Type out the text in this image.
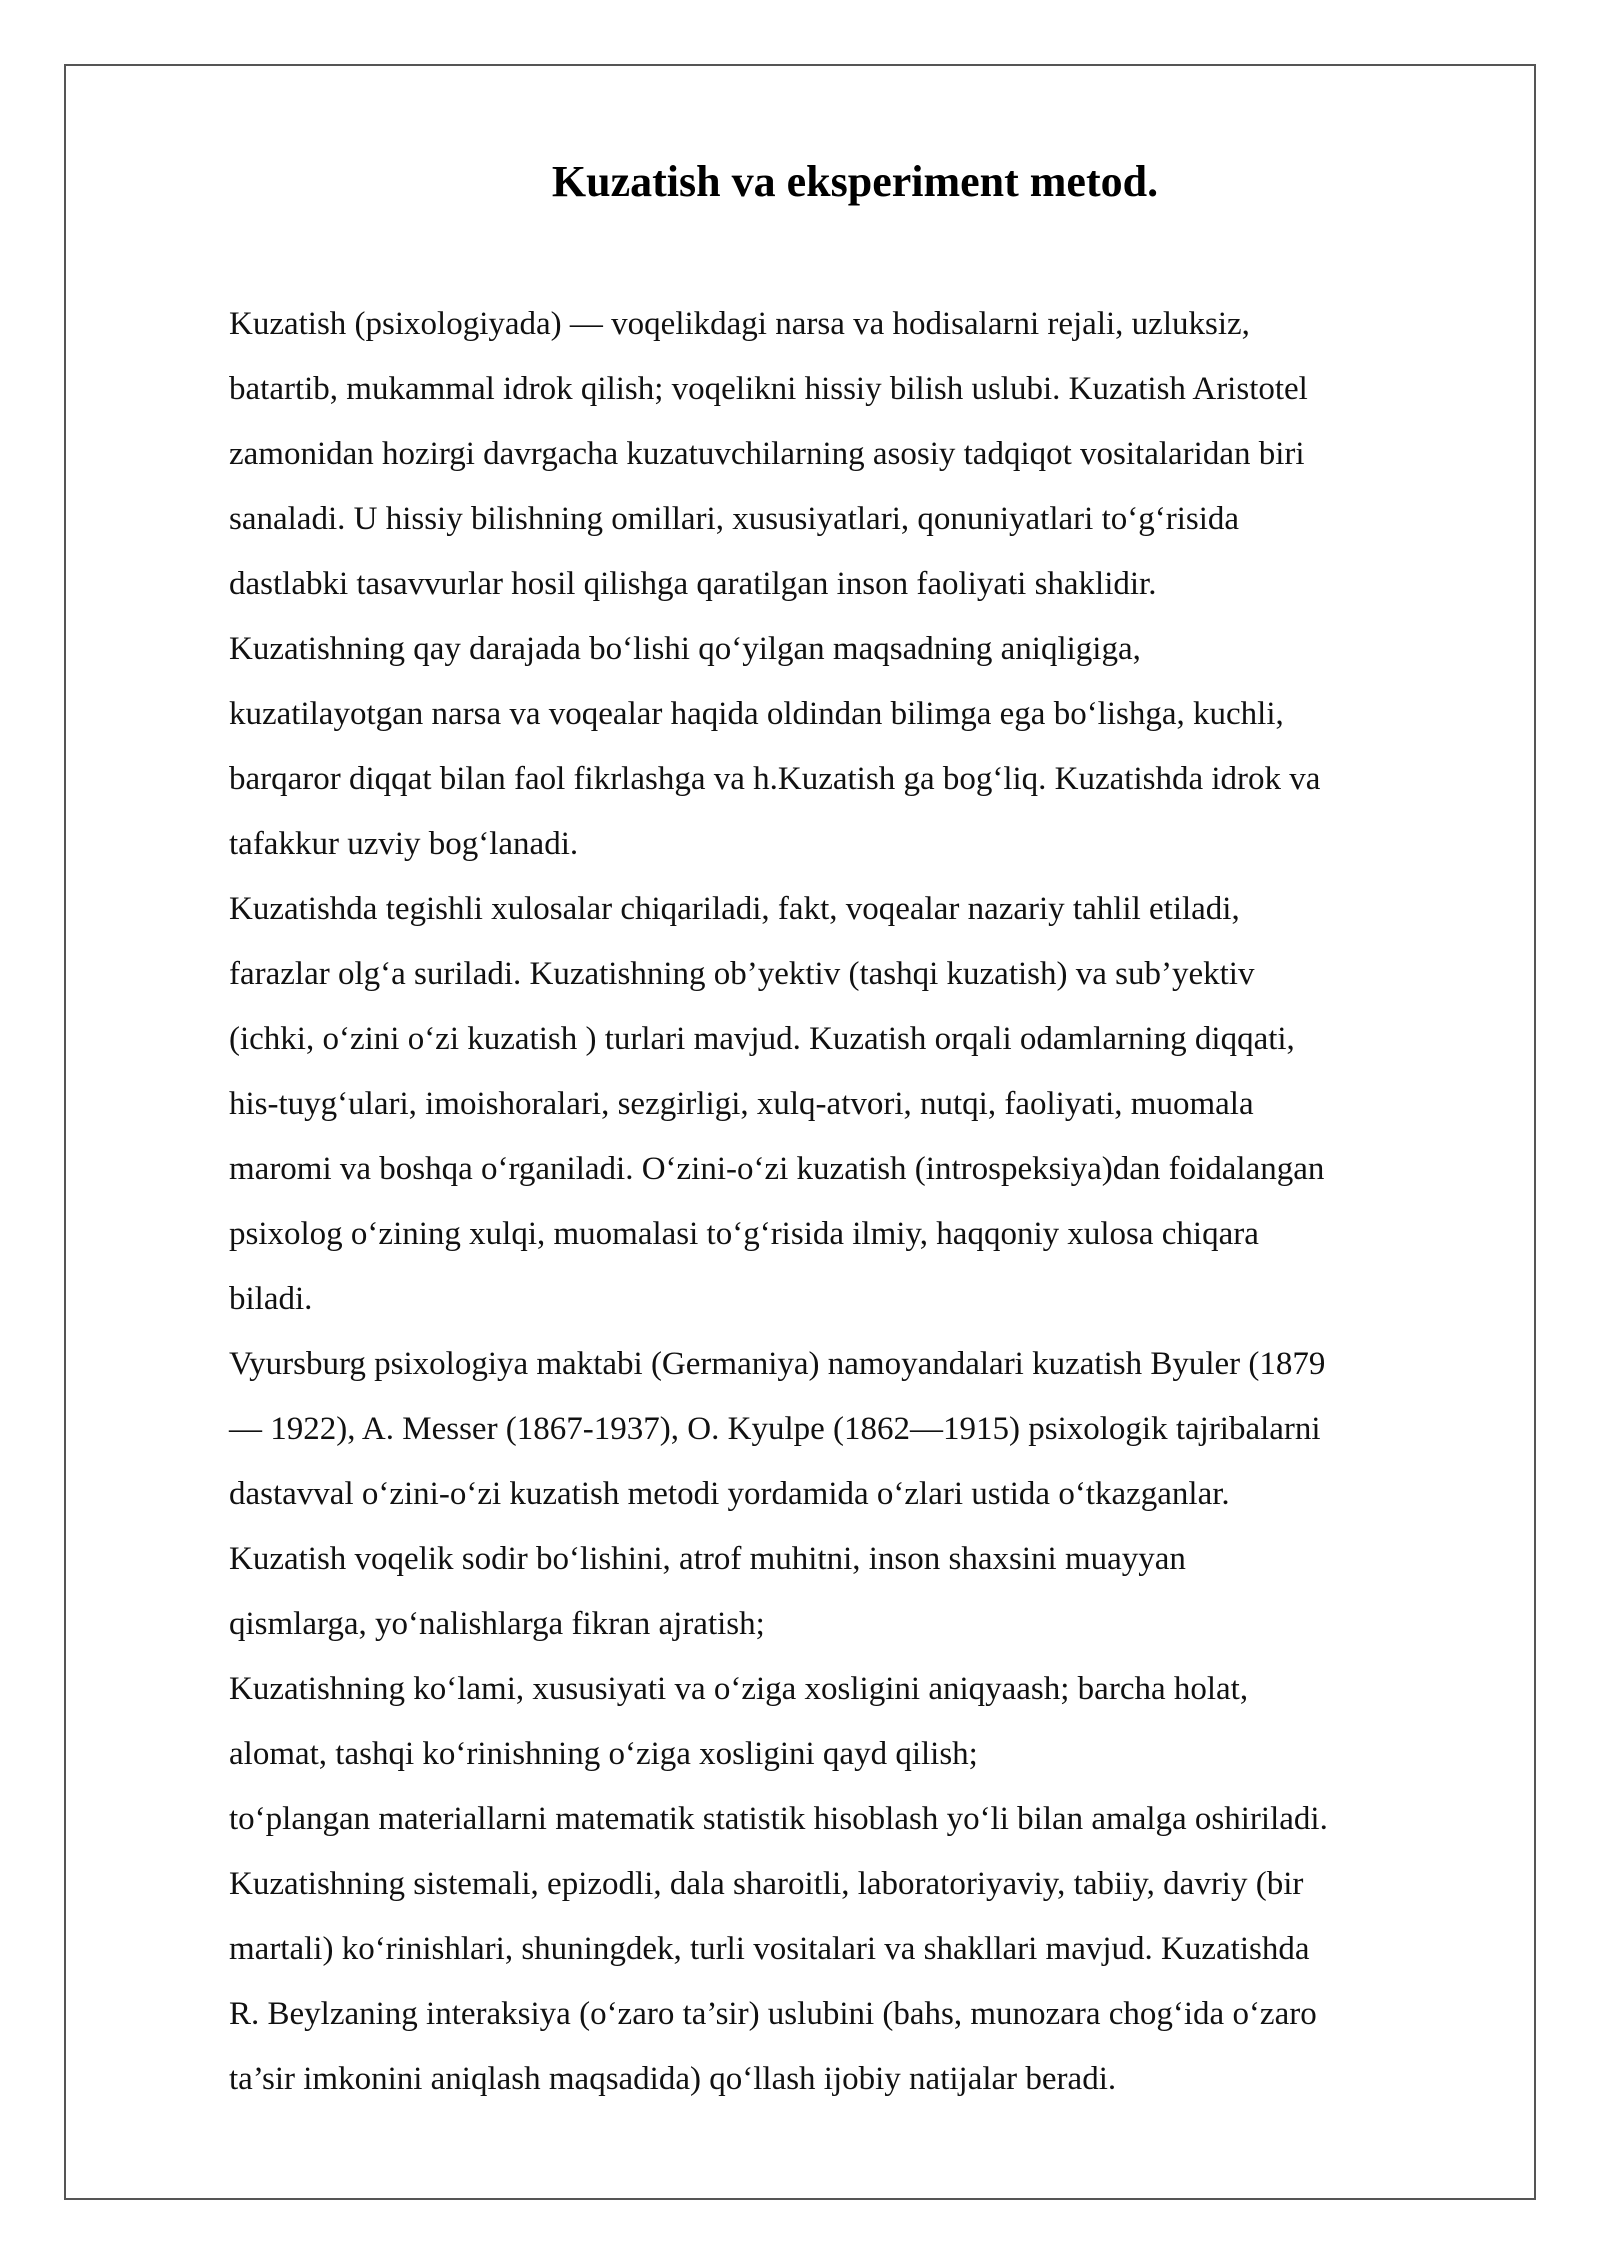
Kuzatish va eksperiment metod.
Kuzatish (psixologiyada) — voqelikdagi narsa va hodisalarni rejali, uzluksiz,
batartib, mukammal idrok qilish; voqelikni hissiy bilish uslubi. Kuzatish Aristotel
zamonidan hozirgi davrgacha kuzatuvchilarning asosiy tadqiqot vositalaridan biri
sanaladi. U hissiy bilishning omillari, xususiyatlari, qonuniyatlari to‘g‘risida
dastlabki tasavvurlar hosil qilishga qaratilgan inson faoliyati shaklidir.
Kuzatishning qay darajada bo‘lishi qo‘yilgan maqsadning aniqligiga,
kuzatilayotgan narsa va voqealar haqida oldindan bilimga ega bo‘lishga, kuchli,
barqaror diqqat bilan faol fikrlashga va h.Kuzatish ga bog‘liq. Kuzatishda idrok va
tafakkur uzviy bog‘lanadi.
Kuzatishda tegishli xulosalar chiqariladi, fakt, voqealar nazariy tahlil etiladi,
farazlar olg‘a suriladi. Kuzatishning ob’yektiv (tashqi kuzatish) va sub’yektiv
(ichki, o‘zini o‘zi kuzatish ) turlari mavjud. Kuzatish orqali odamlarning diqqati,
his-tuyg‘ulari, imoishoralari, sezgirligi, xulq-atvori, nutqi, faoliyati, muomala
maromi va boshqa o‘rganiladi. O‘zini-o‘zi kuzatish (introspeksiya)dan foidalangan
psixolog o‘zining xulqi, muomalasi to‘g‘risida ilmiy, haqqoniy xulosa chiqara
biladi.
Vyursburg psixologiya maktabi (Germaniya) namoyandalari kuzatish Byuler (1879
— 1922), A. Messer (1867-1937), O. Kyulpe (1862—1915) psixologik tajribalarni
dastavval o‘zini-o‘zi kuzatish metodi yordamida o‘zlari ustida o‘tkazganlar.
Kuzatish voqelik sodir bo‘lishini, atrof muhitni, inson shaxsini muayyan
qismlarga, yo‘nalishlarga fikran ajratish;
Kuzatishning ko‘lami, xususiyati va o‘ziga xosligini aniqyaash; barcha holat,
alomat, tashqi ko‘rinishning o‘ziga xosligini qayd qilish;
to‘plangan materiallarni matematik statistik hisoblash yo‘li bilan amalga oshiriladi.
Kuzatishning sistemali, epizodli, dala sharoitli, laboratoriyaviy, tabiiy, davriy (bir
martali) ko‘rinishlari, shuningdek, turli vositalari va shakllari mavjud. Kuzatishda
R. Beylzaning interaksiya (o‘zaro ta’sir) uslubini (bahs, munozara chog‘ida o‘zaro
ta’sir imkonini aniqlash maqsadida) qo‘llash ijobiy natijalar beradi.
